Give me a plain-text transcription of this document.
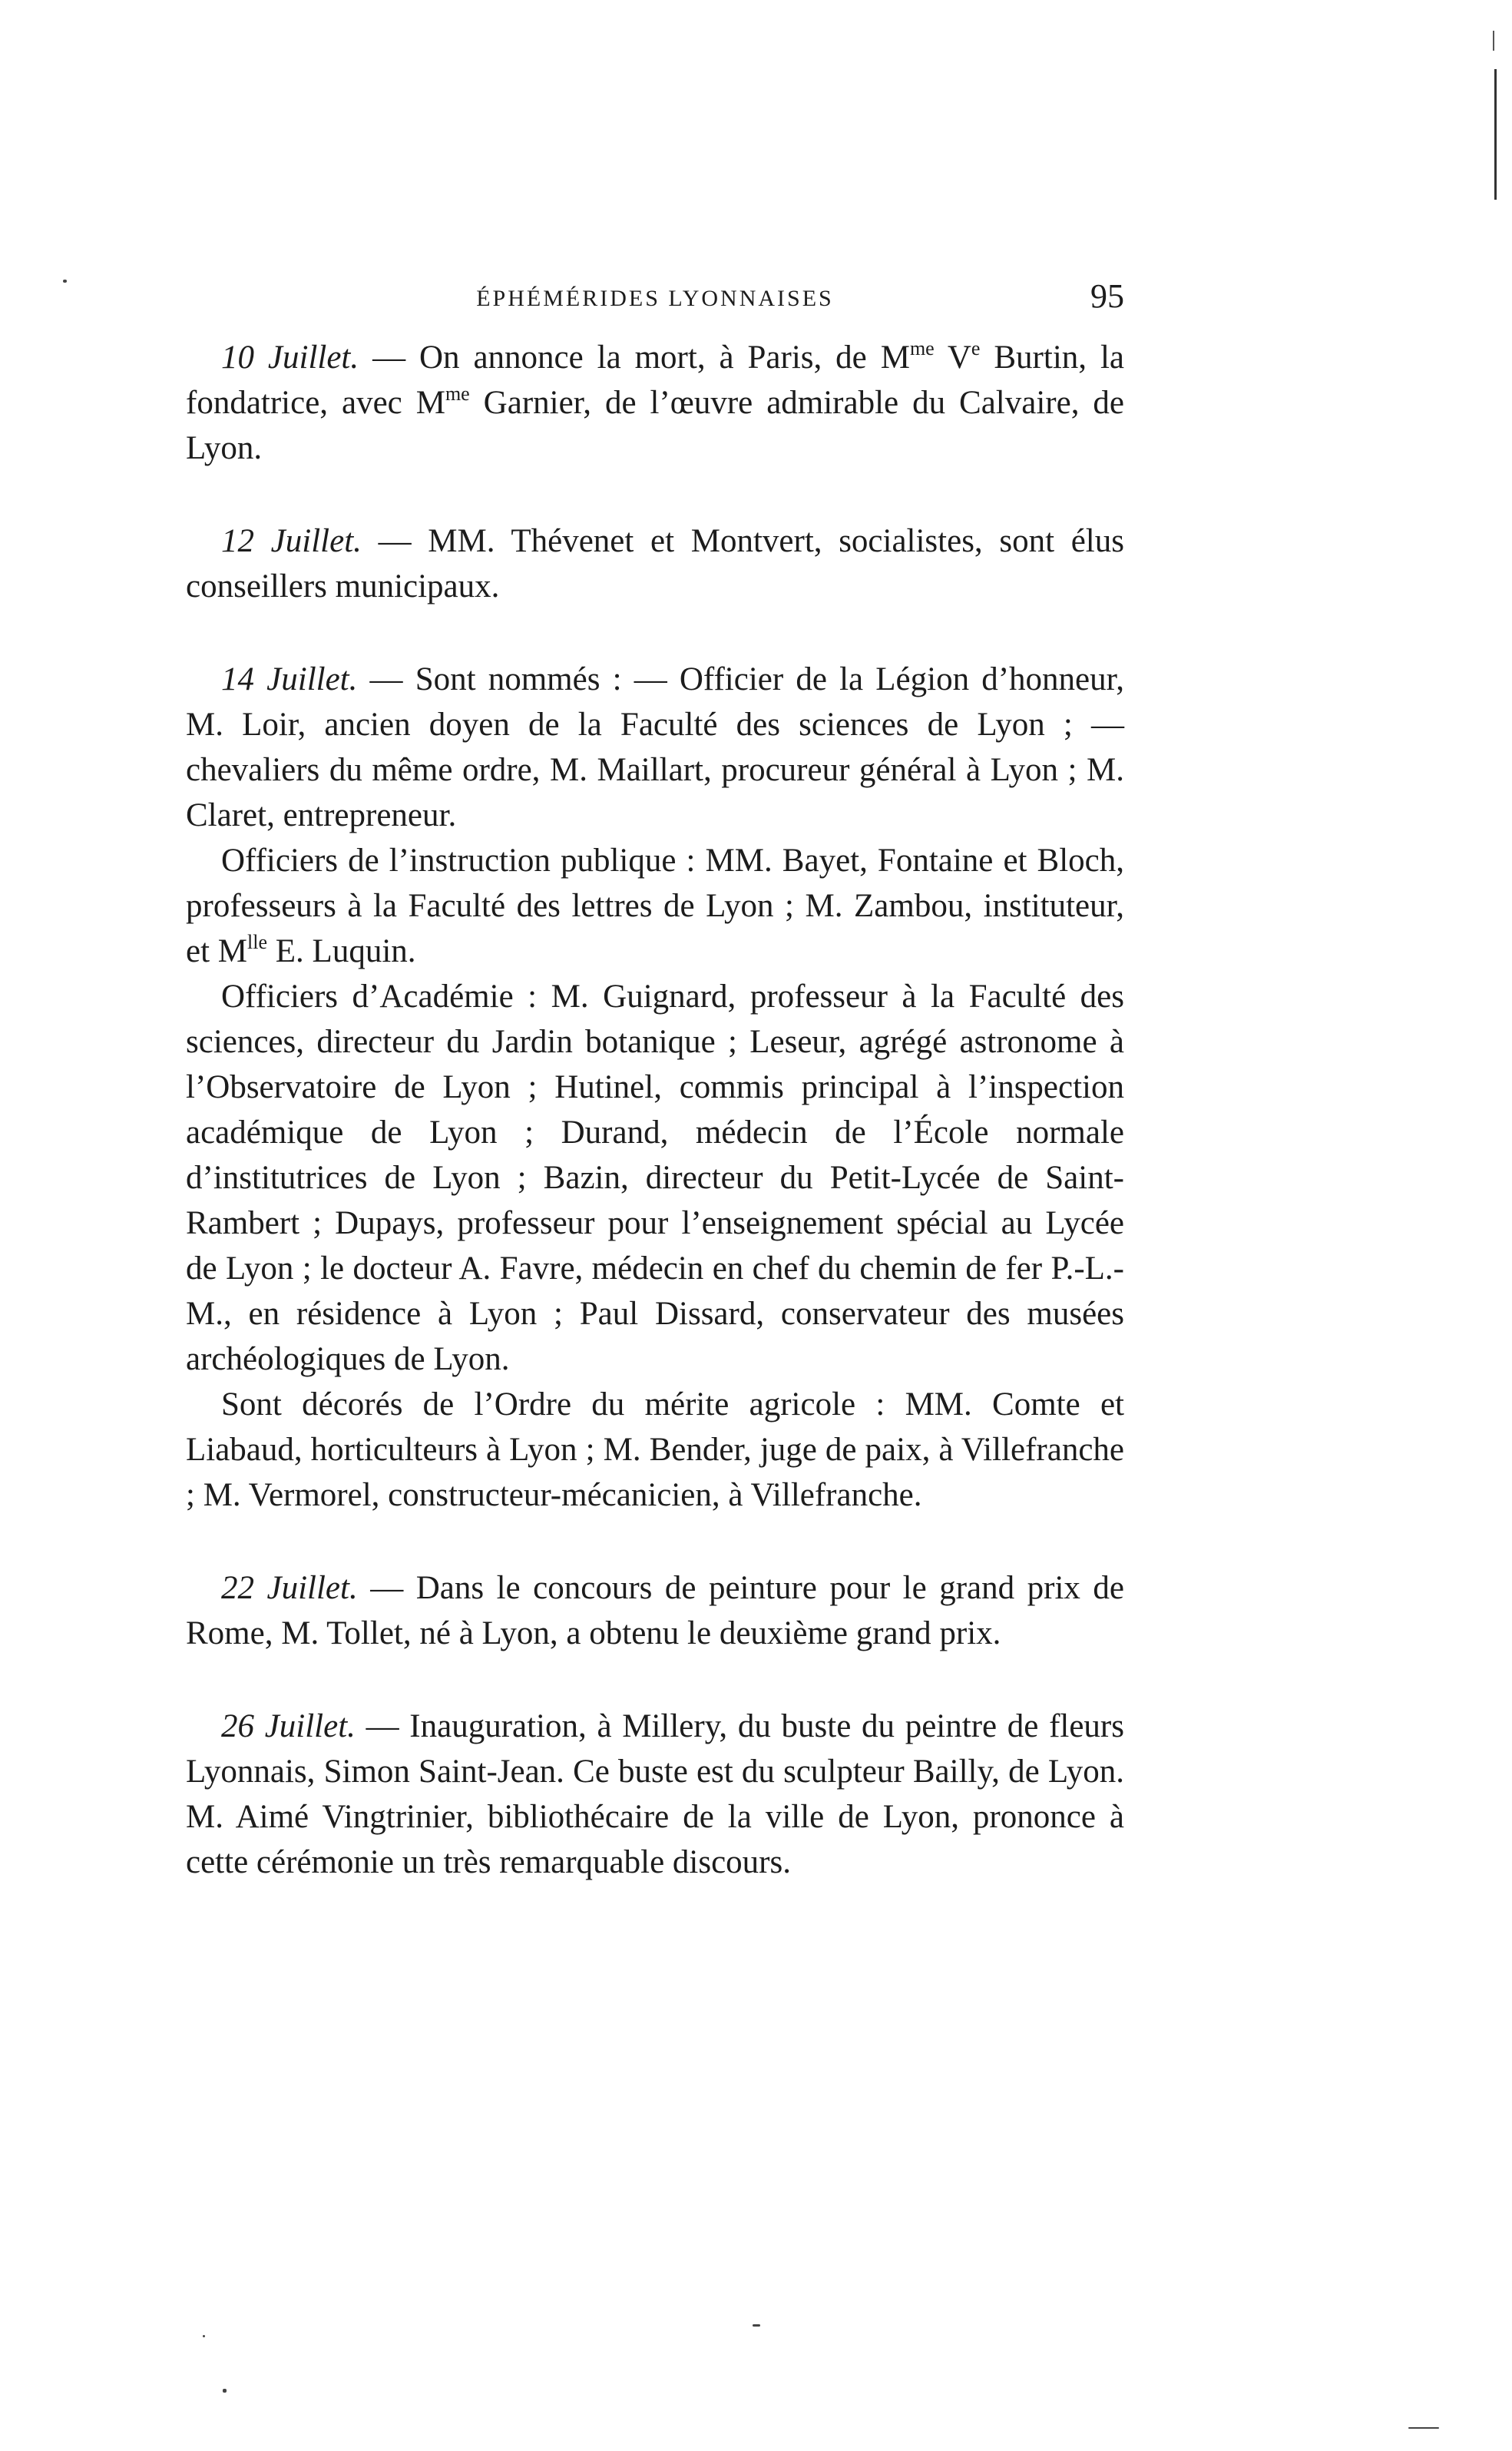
ÉPHÉMÉRIDES LYONNAISES	95

10 Juillet. — On annonce la mort, à Paris, de $M^{me}$ Ve Burtin, la fondatrice, avec $M^{me}$ Garnier, de l’œuvre admirable du Calvaire, de Lyon.

12 Juillet. — MM. Thévenet et Montvert, socialistes, sont élus conseillers municipaux.

14 Juillet. — Sont nommés : — Officier de la Légion d’honneur, M. Loir, ancien doyen de la Faculté des sciences de Lyon ; — chevaliers du même ordre, M. Maillart, procureur général à Lyon ; M. Claret, entrepreneur.

Officiers de l’instruction publique : MM. Bayet, Fontaine et Bloch, professeurs à la Faculté des lettres de Lyon ; M. Zambou, instituteur, et $M^{lle}$ E. Luquin.

Officiers d’Académie : M. Guignard, professeur à la Faculté des sciences, directeur du Jardin botanique ; Leseur, agrégé astronome à l’Observatoire de Lyon ; Hutinel, commis principal à l’inspection académique de Lyon ; Durand, médecin de l’École normale d’institutrices de Lyon ; Bazin, directeur du Petit-Lycée de Saint-Rambert ; Dupays, professeur pour l’enseignement spécial au Lycée de Lyon ; le docteur A. Favre, médecin en chef du chemin de fer P.-L.-M., en résidence à Lyon ; Paul Dissard, conservateur des musées archéologiques de Lyon.

Sont décorés de l’Ordre du mérite agricole : MM. Comte et Liabaud, horticulteurs à Lyon ; M. Bender, juge de paix, à Villefranche ; M. Vermorel, constructeur-mécanicien, à Villefranche.

22 Juillet. — Dans le concours de peinture pour le grand prix de Rome, M. Tollet, né à Lyon, a obtenu le deuxième grand prix.

26 Juillet. — Inauguration, à Millery, du buste du peintre de fleurs Lyonnais, Simon Saint-Jean. Ce buste est du sculpteur Bailly, de Lyon. M. Aimé Vingtrinier, bibliothécaire de la ville de Lyon, prononce à cette cérémonie un très remarquable discours.
